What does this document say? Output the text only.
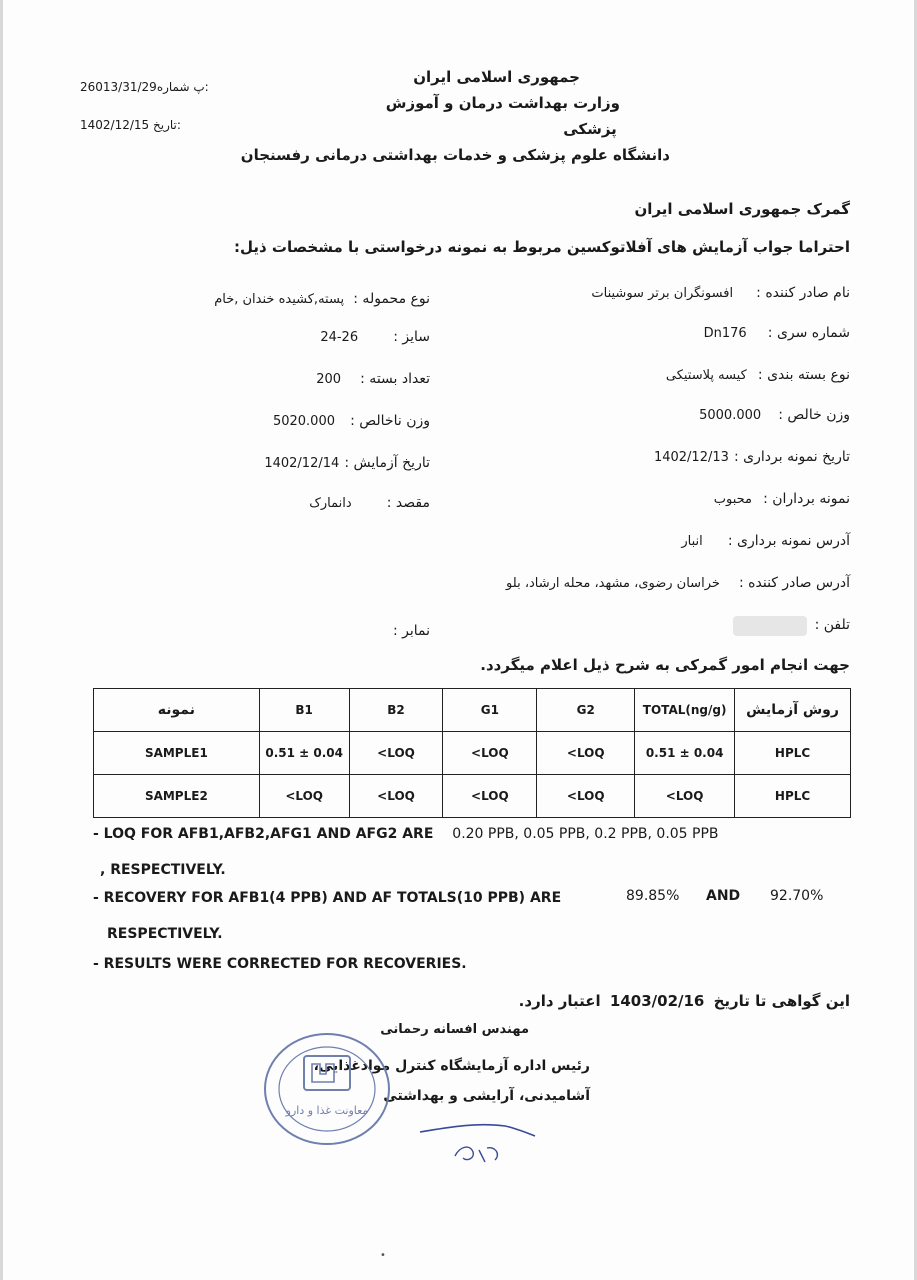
26013/31/29پ شماره:
1402/12/15 تاریخ:
جمهوری اسلامی ایران
وزارت بهداشت درمان و آموزش
پزشکی
دانشگاه علوم پزشکی و خدمات بهداشتی درمانی رفسنجان
گمرک جمهوری اسلامی ایران
احتراما جواب آزمایش های آفلاتوکسین مربوط به نمونه درخواستی با مشخصات ذیل:
نام صادر کننده : افسونگران برتر سوشینات
شماره سری : Dn176
نوع بسته بندی : کیسه پلاستیکی
وزن خالص : 5000.000
تاریخ نمونه برداری : 1402/12/13
نمونه برداران : محبوب
آدرس نمونه برداری : انبار
آدرس صادر کننده : خراسان رضوی، مشهد، محله ارشاد، بلو
تلفن :
نوع محموله : پسته,کشیده خندان ,خام
سایز : 24-26
تعداد بسته : 200
وزن ناخالص : 5020.000
تاریخ آزمایش : 1402/12/14
مقصد : دانمارک
نمابر :
جهت انجام امور گمرکی به شرح ذیل اعلام میگردد.
نمونه	B1	B2	G1	G2	TOTAL(ng/g)	روش آزمایش
SAMPLE1	0.51 ± 0.04	<LOQ	<LOQ	<LOQ	0.51 ± 0.04	HPLC
SAMPLE2	<LOQ	<LOQ	<LOQ	<LOQ	<LOQ	HPLC
- LOQ FOR AFB1,AFB2,AFG1 AND AFG2 ARE 0.20 PPB, 0.05 PPB, 0.2 PPB, 0.05 PPB
, RESPECTIVELY.
- RECOVERY FOR AFB1(4 PPB) AND AF TOTALS(10 PPB) ARE	89.85% AND 92.70%
RESPECTIVELY.
- RESULTS WERE CORRECTED FOR RECOVERIES.
این گواهی تا تاریخ 1403/02/16 اعتبار دارد.
مهندس افسانه رحمانی
رئیس اداره آزمایشگاه کنترل موادغذایی،
آشامیدنی، آرایشی و بهداشتی
معاونت غذا و دارو
•
